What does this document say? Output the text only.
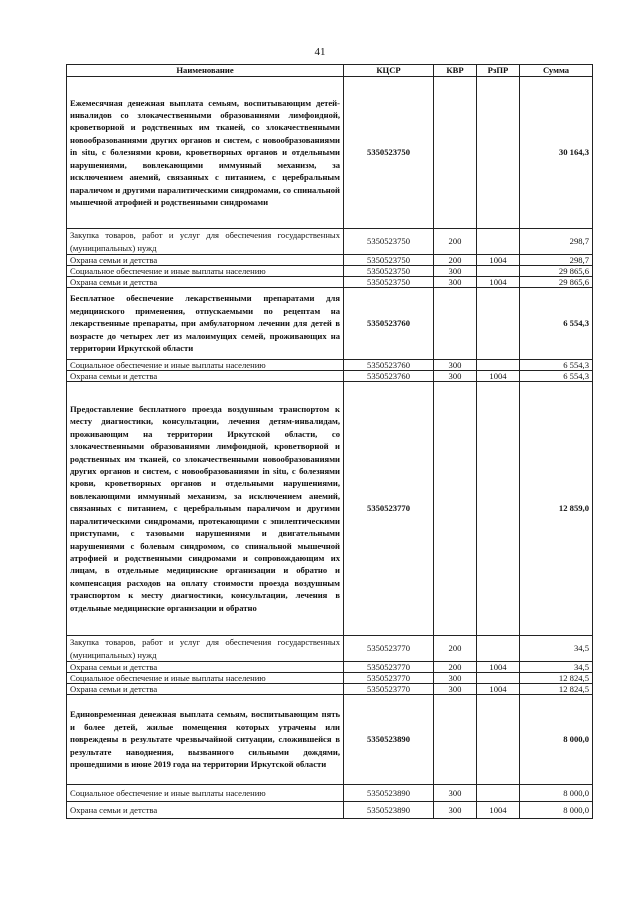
41
Наименование	КЦСР	КВР	РзПР	Сумма
Ежемесячная денежная выплата семьям, воспитывающим детей-инвалидов со злокачественными образованиями лимфоидной, кроветворной и родственных им тканей, со злокачественными новообразованиями других органов и систем, с новообразованиями in situ, с болезнями крови, кроветворных органов и отдельными нарушениями, вовлекающими иммунный механизм, за исключением анемий, связанных с питанием, с церебральным параличом и другими паралитическими синдромами, со спинальной мышечной атрофией и родственными синдромами	5350523750			30 164,3
Закупка товаров, работ и услуг для обеспечения государственных (муниципальных) нужд	5350523750	200		298,7
Охрана семьи и детства	5350523750	200	1004	298,7
Социальное обеспечение и иные выплаты населению	5350523750	300		29 865,6
Охрана семьи и детства	5350523750	300	1004	29 865,6
Бесплатное обеспечение лекарственными препаратами для медицинского применения, отпускаемыми по рецептам на лекарственные препараты, при амбулаторном лечении для детей в возрасте до четырех лет из малоимущих семей, проживающих на территории Иркутской области	5350523760			6 554,3
Социальное обеспечение и иные выплаты населению	5350523760	300		6 554,3
Охрана семьи и детства	5350523760	300	1004	6 554,3
Предоставление бесплатного проезда воздушным транспортом к месту диагностики, консультации, лечения детям-инвалидам, проживающим на территории Иркутской области, со злокачественными образованиями лимфоидной, кроветворной и родственных им тканей, со злокачественными новообразованиями других органов и систем, с новообразованиями in situ, с болезнями крови, кроветворных органов и отдельными нарушениями, вовлекающими иммунный механизм, за исключением анемий, связанных с питанием, с церебральным параличом и другими паралитическими синдромами, протекающими с эпилептическими приступами, с тазовыми нарушениями и двигательными нарушениями с болевым синдромом, со спинальной мышечной атрофией и родственными синдромами и сопровождающим их лицам, в отдельные медицинские организации и обратно и компенсация расходов на оплату стоимости проезда воздушным транспортом к месту диагностики, консультации, лечения в отдельные медицинские организации и обратно	5350523770			12 859,0
Закупка товаров, работ и услуг для обеспечения государственных (муниципальных) нужд	5350523770	200		34,5
Охрана семьи и детства	5350523770	200	1004	34,5
Социальное обеспечение и иные выплаты населению	5350523770	300		12 824,5
Охрана семьи и детства	5350523770	300	1004	12 824,5
Единовременная денежная выплата семьям, воспитывающим пять и более детей, жилые помещения которых утрачены или повреждены в результате чрезвычайной ситуации, сложившейся в результате наводнения, вызванного сильными дождями, прошедшими в июне 2019 года на территории Иркутской области	5350523890			8 000,0
Социальное обеспечение и иные выплаты населению	5350523890	300		8 000,0
Охрана семьи и детства	5350523890	300	1004	8 000,0
